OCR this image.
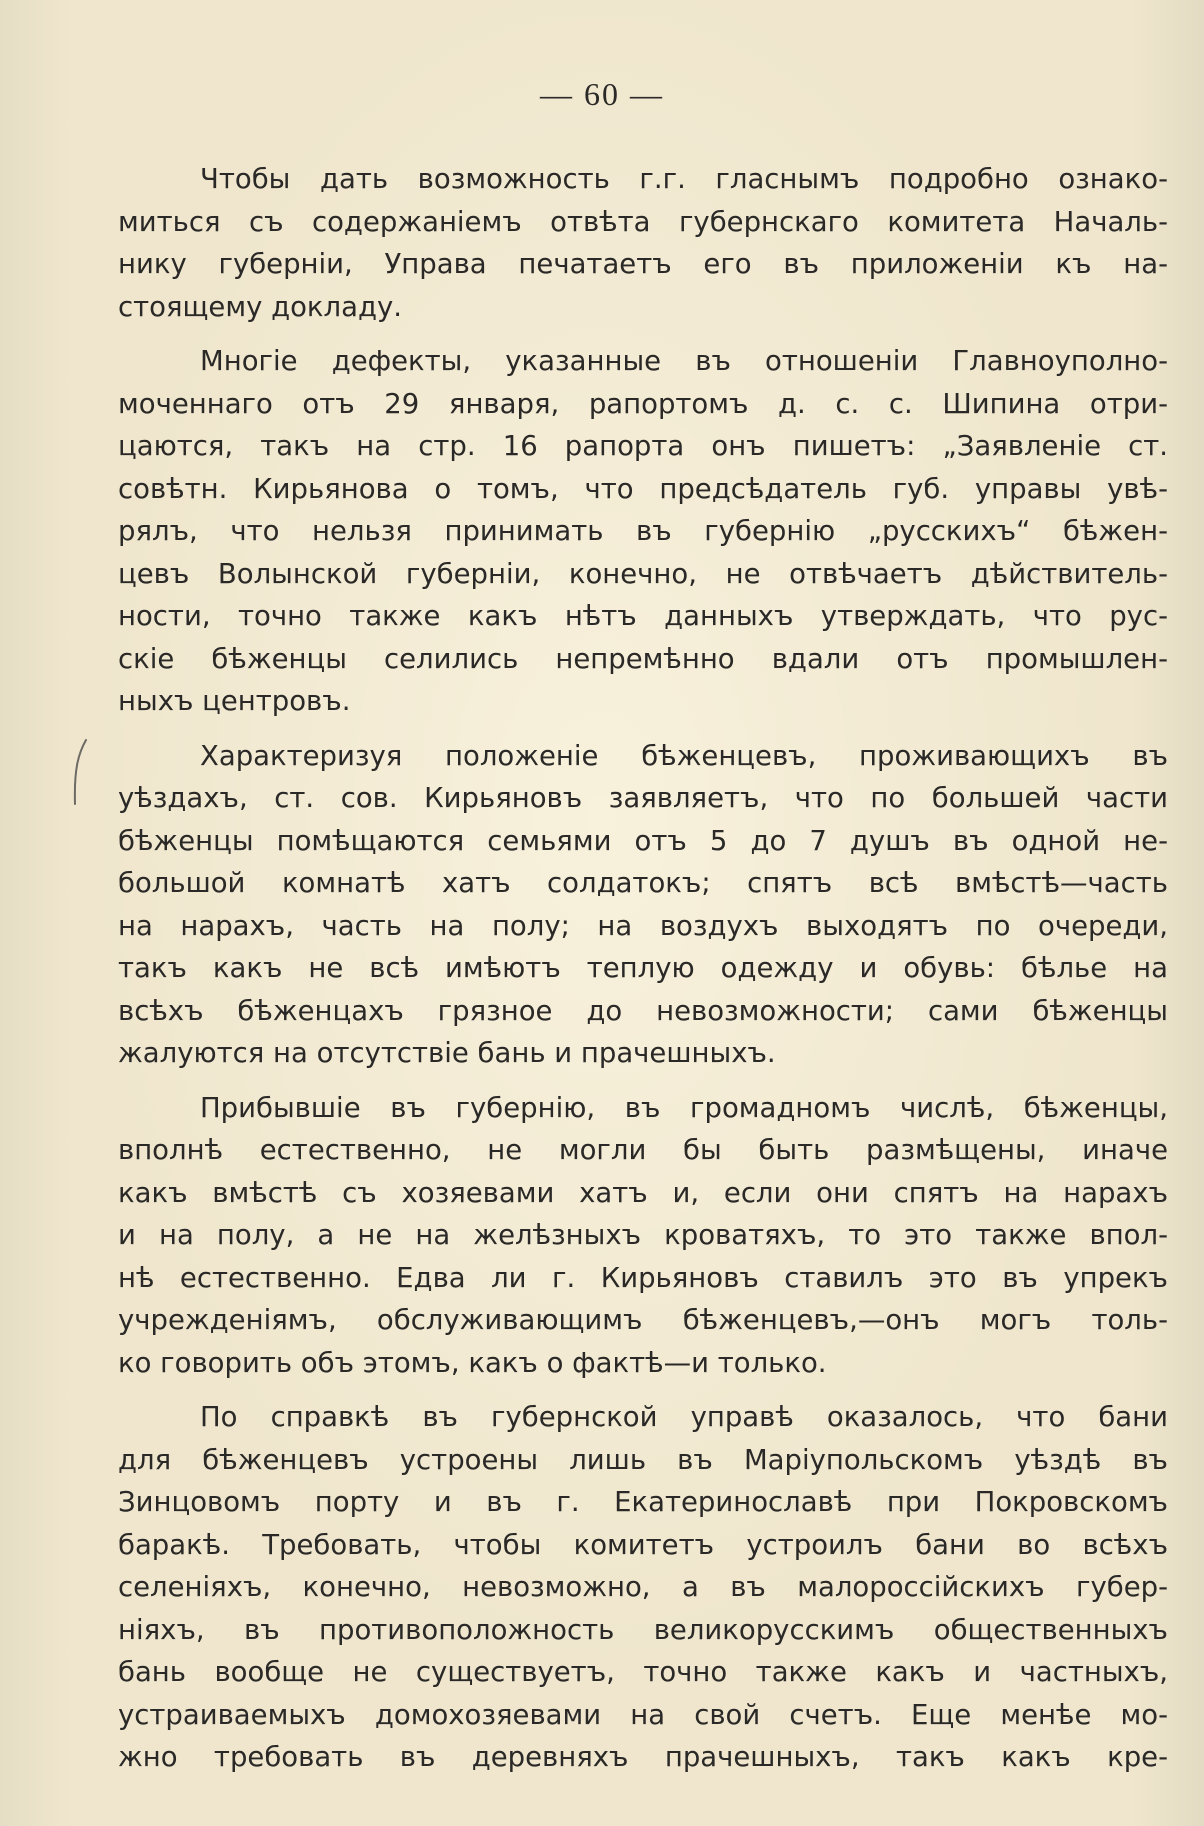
— 60 —
Чтобы дать возможность г.г. гласнымъ подробно ознако-
миться съ содержаніемъ отвѣта губернскаго комитета Началь-
нику губерніи, Управа печатаетъ его въ приложеніи къ на-
стоящему докладу.
Многіе дефекты, указанные въ отношеніи Главноуполно-
моченнаго отъ 29 января, рапортомъ д. с. с. Шипина отри-
цаются, такъ на стр. 16 рапорта онъ пишетъ: „Заявленіе ст.
совѣтн. Кирьянова о томъ, что предсѣдатель губ. управы увѣ-
рялъ, что нельзя принимать въ губернію „русскихъ“ бѣжен-
цевъ Волынской губерніи, конечно, не отвѣчаетъ дѣйствитель-
ности, точно также какъ нѣтъ данныхъ утверждать, что рус-
скіе бѣженцы селились непремѣнно вдали отъ промышлен-
ныхъ центровъ.
Характеризуя положеніе бѣженцевъ, проживающихъ въ
уѣздахъ, ст. сов. Кирьяновъ заявляетъ, что по большей части
бѣженцы помѣщаются семьями отъ 5 до 7 душъ въ одной не-
большой комнатѣ хатъ солдатокъ; спятъ всѣ вмѣстѣ—часть
на нарахъ, часть на полу; на воздухъ выходятъ по очереди,
такъ какъ не всѣ имѣютъ теплую одежду и обувь: бѣлье на
всѣхъ бѣженцахъ грязное до невозможности; сами бѣженцы
жалуются на отсутствіе бань и прачешныхъ.
Прибывшіе въ губернію, въ громадномъ числѣ, бѣженцы,
вполнѣ естественно, не могли бы быть размѣщены, иначе
какъ вмѣстѣ съ хозяевами хатъ и, если они спятъ на нарахъ
и на полу, а не на желѣзныхъ кроватяхъ, то это также впол-
нѣ естественно. Едва ли г. Кирьяновъ ставилъ это въ упрекъ
учрежденіямъ, обслуживающимъ бѣженцевъ,—онъ могъ толь-
ко говорить объ этомъ, какъ о фактѣ—и только.
По справкѣ въ губернской управѣ оказалось, что бани
для бѣженцевъ устроены лишь въ Маріупольскомъ уѣздѣ въ
Зинцовомъ порту и въ г. Екатеринославѣ при Покровскомъ
баракѣ. Требовать, чтобы комитетъ устроилъ бани во всѣхъ
селеніяхъ, конечно, невозможно, а въ малороссійскихъ губер-
ніяхъ, въ противоположность великорусскимъ общественныхъ
бань вообще не существуетъ, точно также какъ и частныхъ,
устраиваемыхъ домохозяевами на свой счетъ. Еще менѣе мо-
жно требовать въ деревняхъ прачешныхъ, такъ какъ кре-
